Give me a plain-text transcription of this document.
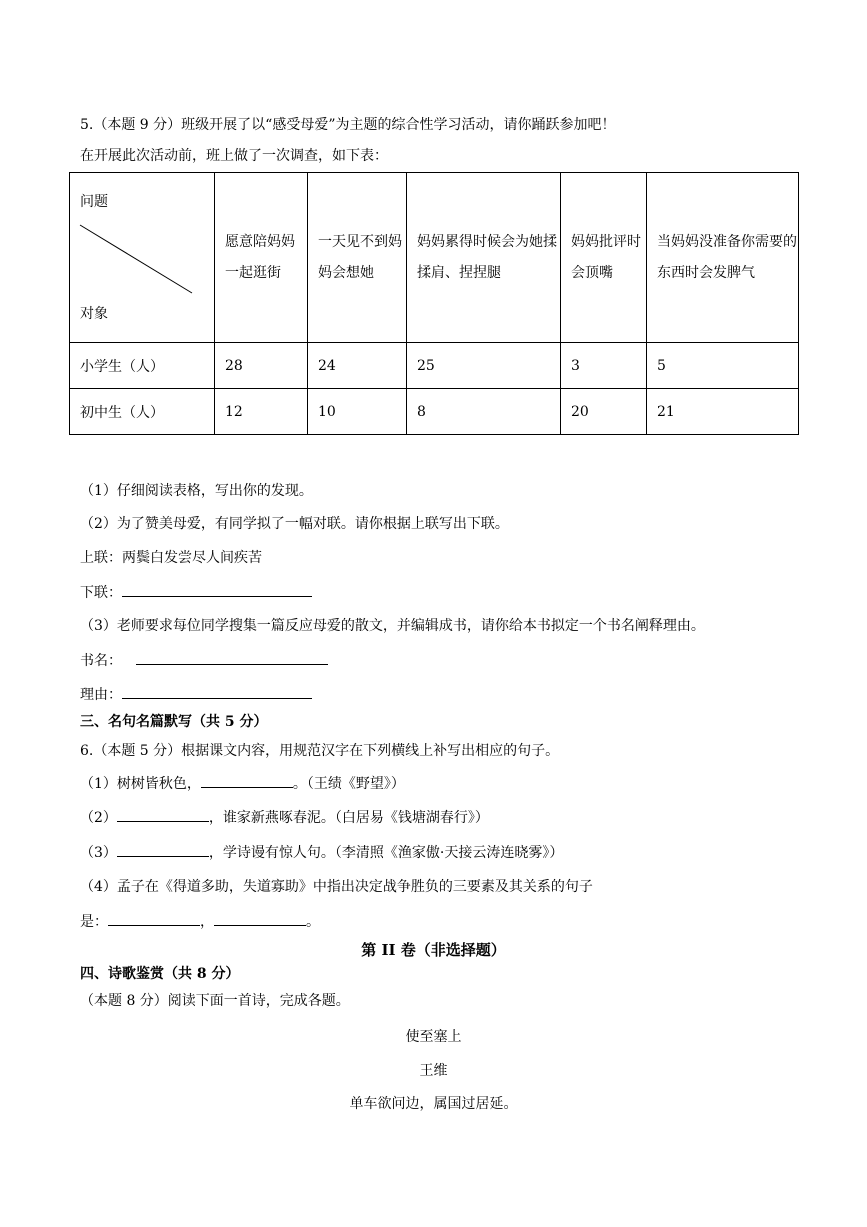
5.（本题 9 分）班级开展了以“感受母爱”为主题的综合性学习活动，请你踊跃参加吧！
在开展此次活动前，班上做了一次调查，如下表：
问题
对象	愿意陪妈妈一起逛街	一天见不到妈妈会想她	妈妈累得时候会为她揉揉肩、捏捏腿	妈妈批评时会顶嘴	当妈妈没准备你需要的东西时会发脾气
小学生（人）	28	24	25	3	5
初中生（人）	12	10	8	20	21
（1）仔细阅读表格，写出你的发现。
（2）为了赞美母爱，有同学拟了一幅对联。请你根据上联写出下联。
上联：两鬓白发尝尽人间疾苦
下联：
（3）老师要求每位同学搜集一篇反应母爱的散文，并编辑成书，请你给本书拟定一个书名阐释理由。
书名：
理由：
三、名句名篇默写（共 5 分）
6.（本题 5 分）根据课文内容，用规范汉字在下列横线上补写出相应的句子。
（1）树树皆秋色，	。（王绩《野望》）
（2）	，谁家新燕啄春泥。（白居易《钱塘湖春行》）
（3）	，学诗谩有惊人句。（李清照《渔家傲·天接云涛连晓雾》）
（4）孟子在《得道多助，失道寡助》中指出决定战争胜负的三要素及其关系的句子
是：	，	。
第 II 卷（非选择题）
四、诗歌鉴赏（共 8 分）
（本题 8 分）阅读下面一首诗，完成各题。
使至塞上
王维
单车欲问边，属国过居延。
